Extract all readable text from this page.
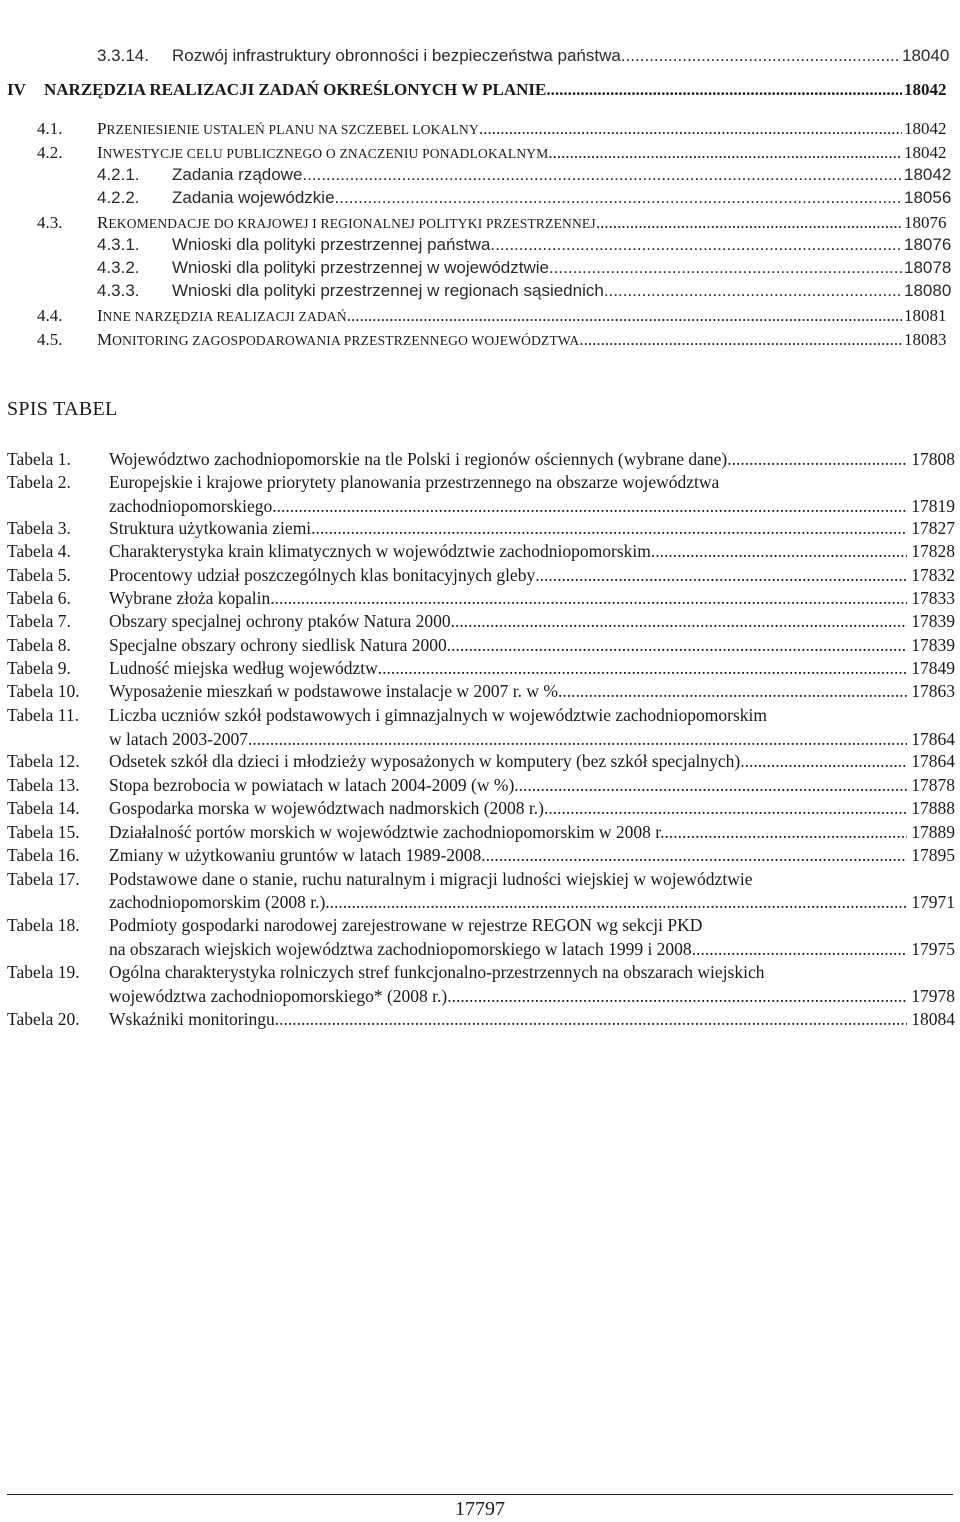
3.3.14. Rozwój infrastruktury obronności i bezpieczeństwa państwa .....	18040
IV NARZĘDZIA REALIZACJI ZADAŃ OKREŚLONYCH W PLANIE .....	18042
4.1. PRZENIESIENIE USTALEŃ PLANU NA SZCZEBEL LOKALNY .....	18042
4.2. INWESTYCJE CELU PUBLICZNEGO O ZNACZENIU PONADLOKALNYM .....	18042
4.2.1. Zadania rządowe .....	18042
4.2.2. Zadania wojewódzkie .....	18056
4.3. REKOMENDACJE DO KRAJOWEJ I REGIONALNEJ POLITYKI PRZESTRZENNEJ .....	18076
4.3.1. Wnioski dla polityki przestrzennej państwa .....	18076
4.3.2. Wnioski dla polityki przestrzennej w województwie .....	18078
4.3.3. Wnioski dla polityki przestrzennej w regionach sąsiednich .....	18080
4.4. INNE NARZĘDZIA REALIZACJI ZADAŃ .....	18081
4.5. MONITORING ZAGOSPODAROWANIA PRZESTRZENNEGO WOJEWÓDZTWA .....	18083
SPIS TABEL
Tabela 1. Województwo zachodniopomorskie na tle Polski i regionów ościennych (wybrane dane) .....	17808
Tabela 2. Europejskie i krajowe priorytety planowania przestrzennego na obszarze województwa
zachodniopomorskiego .....	17819
Tabela 3. Struktura użytkowania ziemi .....	17827
Tabela 4. Charakterystyka krain klimatycznych w województwie zachodniopomorskim .....	17828
Tabela 5. Procentowy udział poszczególnych klas bonitacyjnych gleby .....	17832
Tabela 6. Wybrane złoża kopalin .....	17833
Tabela 7. Obszary specjalnej ochrony ptaków Natura 2000 .....	17839
Tabela 8. Specjalne obszary ochrony siedlisk Natura 2000 .....	17839
Tabela 9. Ludność miejska według województw .....	17849
Tabela 10. Wyposażenie mieszkań w podstawowe instalacje w 2007 r. w % .....	17863
Tabela 11. Liczba uczniów szkół podstawowych i gimnazjalnych w województwie zachodniopomorskim
w latach 2003-2007 .....	17864
Tabela 12. Odsetek szkół dla dzieci i młodzieży wyposażonych w komputery (bez szkół specjalnych) .....	17864
Tabela 13. Stopa bezrobocia w powiatach w latach 2004-2009 (w %) .....	17878
Tabela 14. Gospodarka morska w województwach nadmorskich (2008 r.) .....	17888
Tabela 15. Działalność portów morskich w województwie zachodniopomorskim w 2008 r. .....	17889
Tabela 16. Zmiany w użytkowaniu gruntów w latach 1989-2008 .....	17895
Tabela 17. Podstawowe dane o stanie, ruchu naturalnym i migracji ludności wiejskiej w województwie
zachodniopomorskim (2008 r.) .....	17971
Tabela 18. Podmioty gospodarki narodowej zarejestrowane w rejestrze REGON wg sekcji PKD
na obszarach wiejskich województwa zachodniopomorskiego w latach 1999 i 2008 .....	17975
Tabela 19. Ogólna charakterystyka rolniczych stref funkcjonalno-przestrzennych na obszarach wiejskich
województwa zachodniopomorskiego* (2008 r.) .....	17978
Tabela 20. Wskaźniki monitoringu .....	18084
17797
